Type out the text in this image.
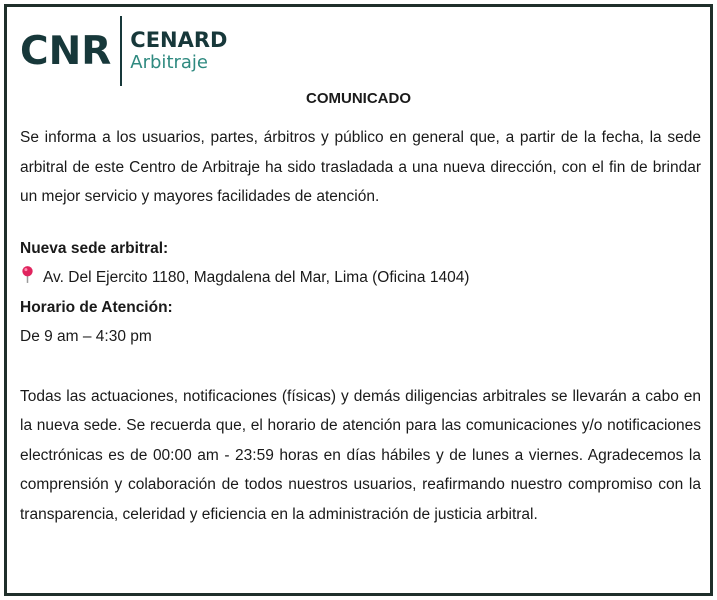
CNR CENARD
Arbitraje
COMUNICADO

Se informa a los usuarios, partes, árbitros y público en general que, a partir de la fecha, la sede arbitral de este Centro de Arbitraje ha sido trasladada a una nueva dirección, con el fin de brindar un mejor servicio y mayores facilidades de atención.

Nueva sede arbitral:

Av. Del Ejercito 1180, Magdalena del Mar, Lima (Oficina 1404)

Horario de Atención:

De 9 am – 4:30 pm

Todas las actuaciones, notificaciones (físicas) y demás diligencias arbitrales se llevarán a cabo en la nueva sede. Se recuerda que, el horario de atención para las comunicaciones y/o notificaciones electrónicas es de 00:00 am - 23:59 horas en días hábiles y de lunes a viernes. Agradecemos la comprensión y colaboración de todos nuestros usuarios, reafirmando nuestro compromiso con la transparencia, celeridad y eficiencia en la administración de justicia arbitral.
